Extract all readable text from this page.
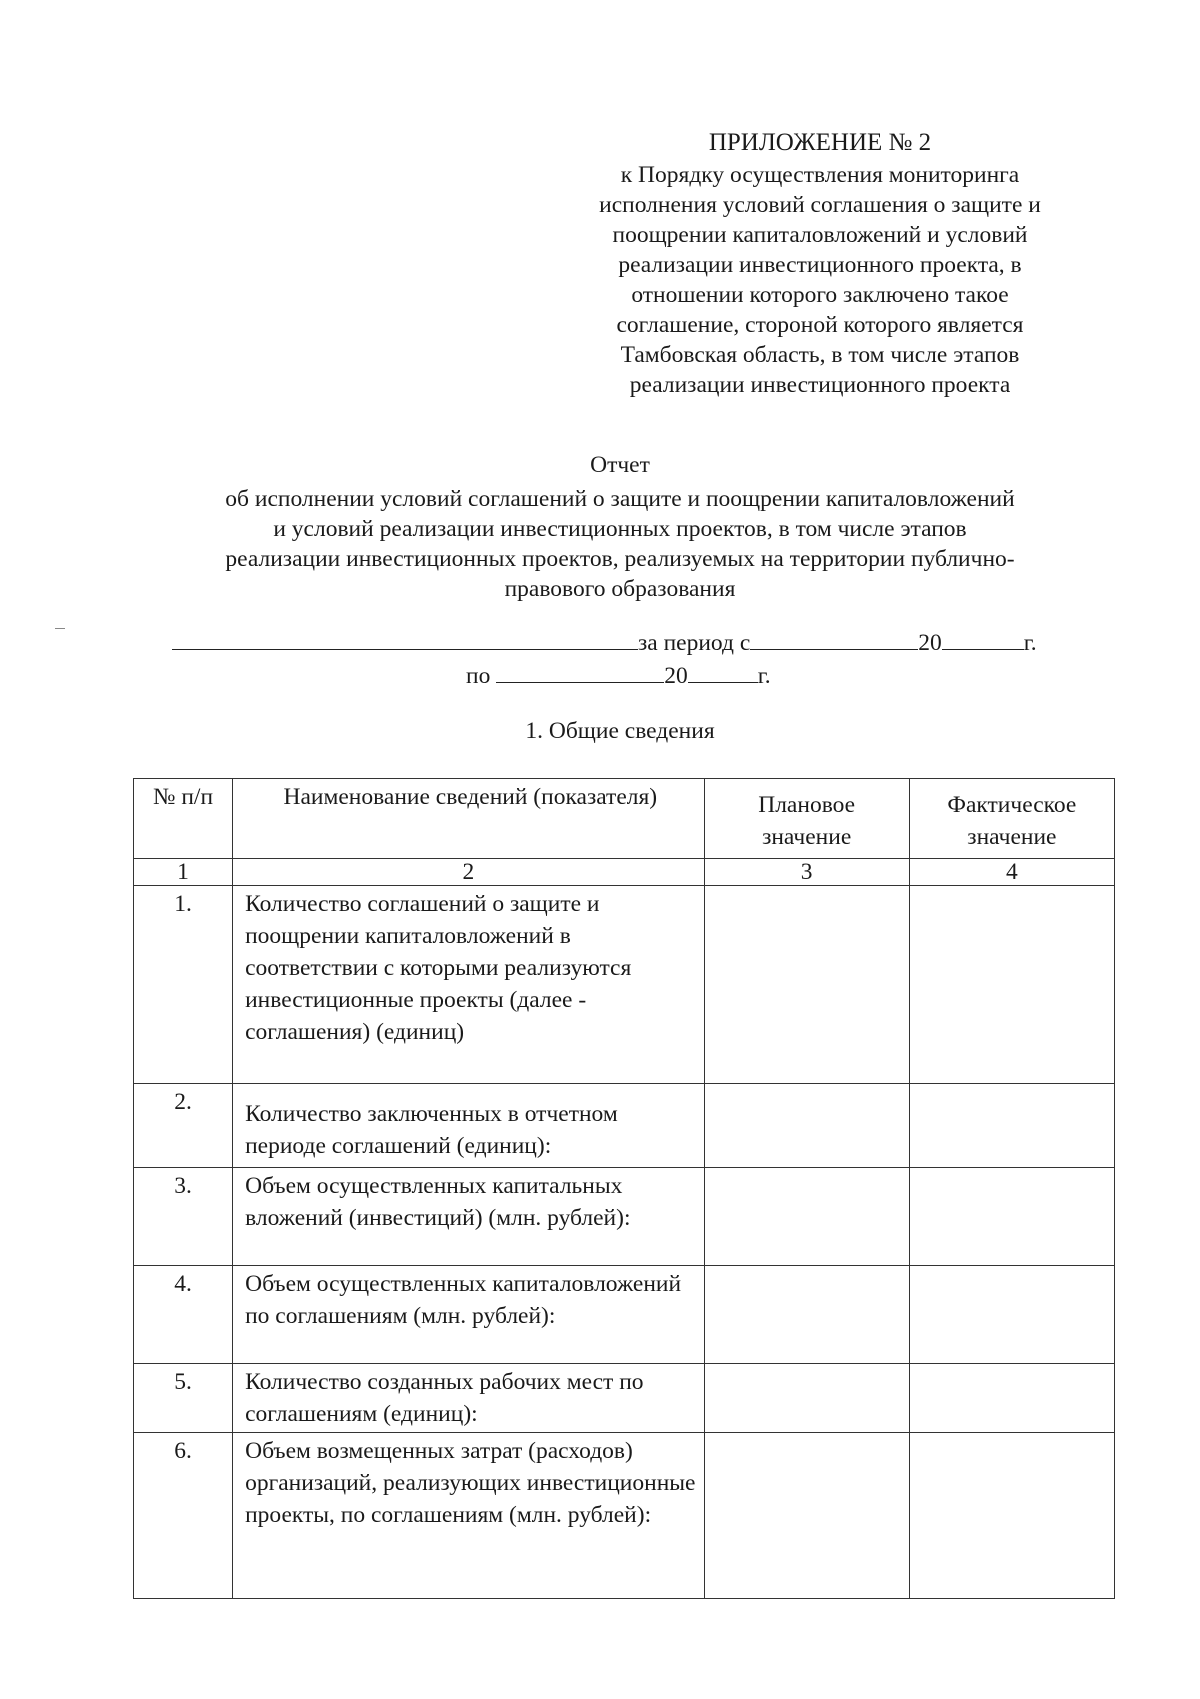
ПРИЛОЖЕНИЕ № 2
к Порядку осуществления мониторинга
исполнения условий соглашения о защите и
поощрении капиталовложений и условий
реализации инвестиционного проекта, в
отношении которого заключено такое
соглашение, стороной которого является
Тамбовская область, в том числе этапов
реализации инвестиционного проекта
Отчет
об исполнении условий соглашений о защите и поощрении капиталовложений
и условий реализации инвестиционных проектов, в том числе этапов
реализации инвестиционных проектов, реализуемых на территории публично-
правового образования
за период с	20	г.
по	20	г.
1. Общие сведения
№ п/п	Наименование сведений (показателя)	Плановое значение	Фактическое значение

1	2	3	4
1.	Количество соглашений о защите и поощрении капиталовложений в соответствии с которыми реализуются инвестиционные проекты (далее - соглашения) (единиц)		
2.	Количество заключенных в отчетном периоде соглашений (единиц):		

3.	Объем осуществленных капитальных вложений (инвестиций) (млн. рублей):		
4.	Объем осуществленных капиталовложений по соглашениям (млн. рублей):		
5.	Количество созданных рабочих мест по соглашениям (единиц):		
6.	Объем возмещенных затрат (расходов) организаций, реализующих инвестиционные проекты, по соглашениям (млн. рублей):		
